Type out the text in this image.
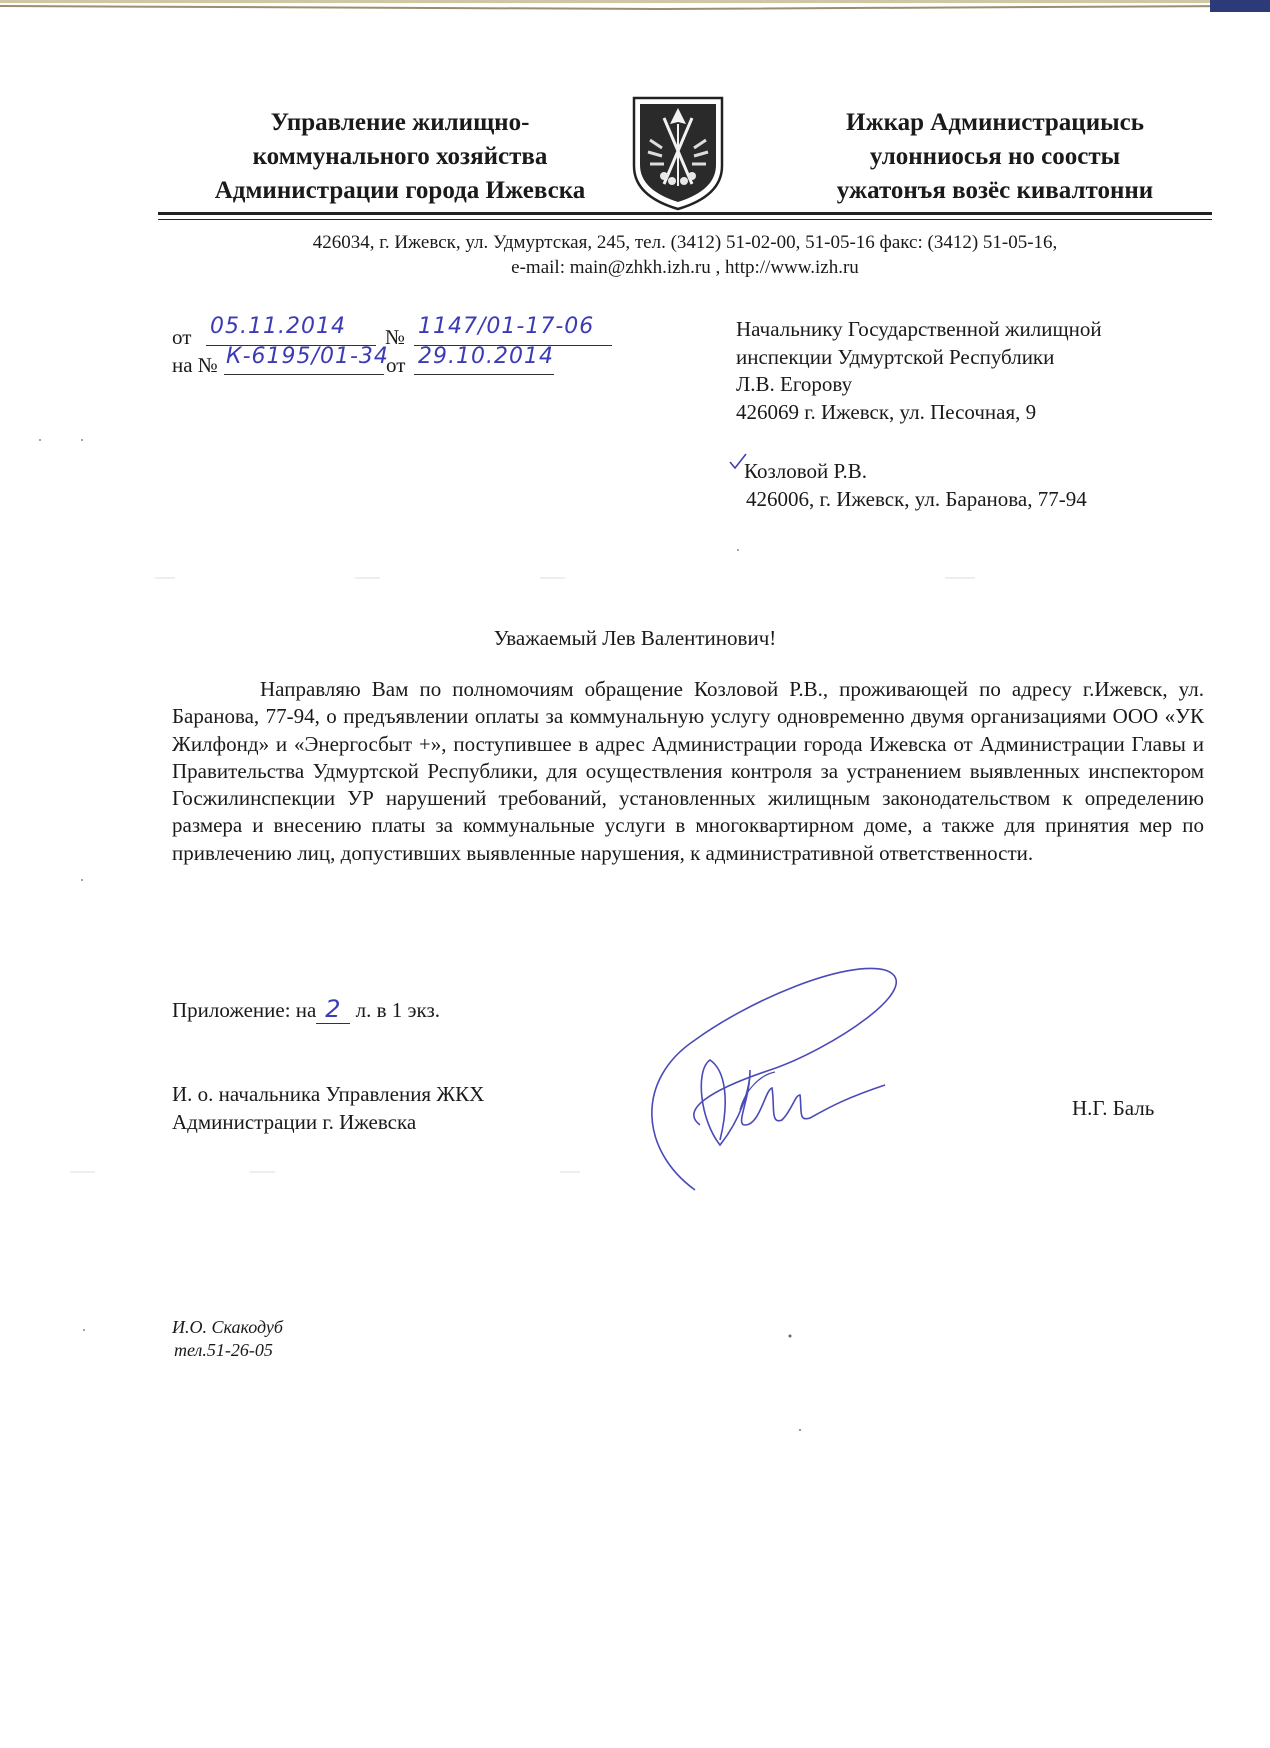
Управление жилищно-
коммунального хозяйства
Администрации города Ижевска
Ижкар Администрациысь
улонниосья но соосты
ужатонъя возёс кивалтонни
426034, г. Ижевск, ул. Удмуртская, 245, тел. (3412) 51-02-00, 51-05-16 факс: (3412) 51-05-16,
e-mail: main@zhkh.izh.ru , http://www.izh.ru
от 05.11.2014 № 1147/01-17-06
на № К-6195/01-34
от 29.10.2014
Начальнику Государственной жилищной
инспекции Удмуртской Республики
Л.В. Егорову
426069 г. Ижевск, ул. Песочная, 9
Козловой Р.В.
426006, г. Ижевск, ул. Баранова, 77-94
Уважаемый Лев Валентинович!

Направляю Вам по полномочиям обращение Козловой Р.В., проживающей по адресу г.Ижевск, ул. Баранова, 77-94, о предъявлении оплаты за коммунальную услугу одновременно двумя организациями ООО «УК Жилфонд» и «Энергосбыт +», поступившее в адрес Администрации города Ижевска от Администрации Главы и Правительства Удмуртской Республики, для осуществления контроля за устранением выявленных инспектором Госжилинспекции УР нарушений требований, установленных жилищным законодательством к определению размера и внесению платы за коммунальные услуги в многоквартирном доме, а также для принятия мер по привлечению лиц, допустивших выявленные нарушения, к административной ответственности.

Приложение: на 2 л. в 1 экз.
И. о. начальника Управления ЖКХ
Администрации г. Ижевска
Н.Г. Баль
И.О. Скакодуб
тел.51-26-05
